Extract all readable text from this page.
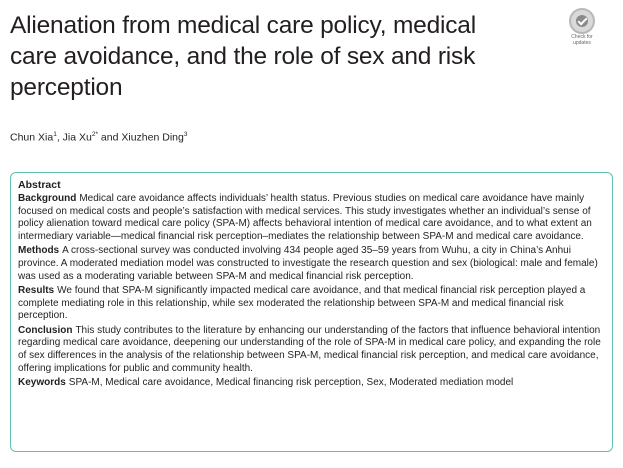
Alienation from medical care policy, medical
care avoidance, and the role of sex and risk
perception
Check for
updates
Chun Xia$^1$, Jia $Xu^{2*}$ and Xiuzhen Ding$^3$
Abstract

Background Medical care avoidance affects individuals’ health status. Previous studies on medical care avoidance have mainly focused on medical costs and people’s satisfaction with medical services. This study investigates whether an individual’s sense of policy alienation toward medical care policy (SPA-M) affects behavioral intention of medical care avoidance, and to what extent an intermediary variable—medical financial risk perception–mediates the relationship between SPA-M and medical care avoidance.

Methods A cross-sectional survey was conducted involving 434 people aged 35–59 years from Wuhu, a city in China’s Anhui province. A moderated mediation model was constructed to investigate the research question and sex (biological: male and female) was used as a moderating variable between SPA-M and medical financial risk perception.

Results We found that SPA-M significantly impacted medical care avoidance, and that medical financial risk perception played a complete mediating role in this relationship, while sex moderated the relationship between SPA-M and medical financial risk perception.

Conclusion This study contributes to the literature by enhancing our understanding of the factors that influence behavioral intention regarding medical care avoidance, deepening our understanding of the role of SPA-M in medical care policy, and expanding the role of sex differences in the analysis of the relationship between SPA-M, medical financial risk perception, and medical care avoidance, offering implications for public and community health.

Keywords SPA-M, Medical care avoidance, Medical financing risk perception, Sex, Moderated mediation model
